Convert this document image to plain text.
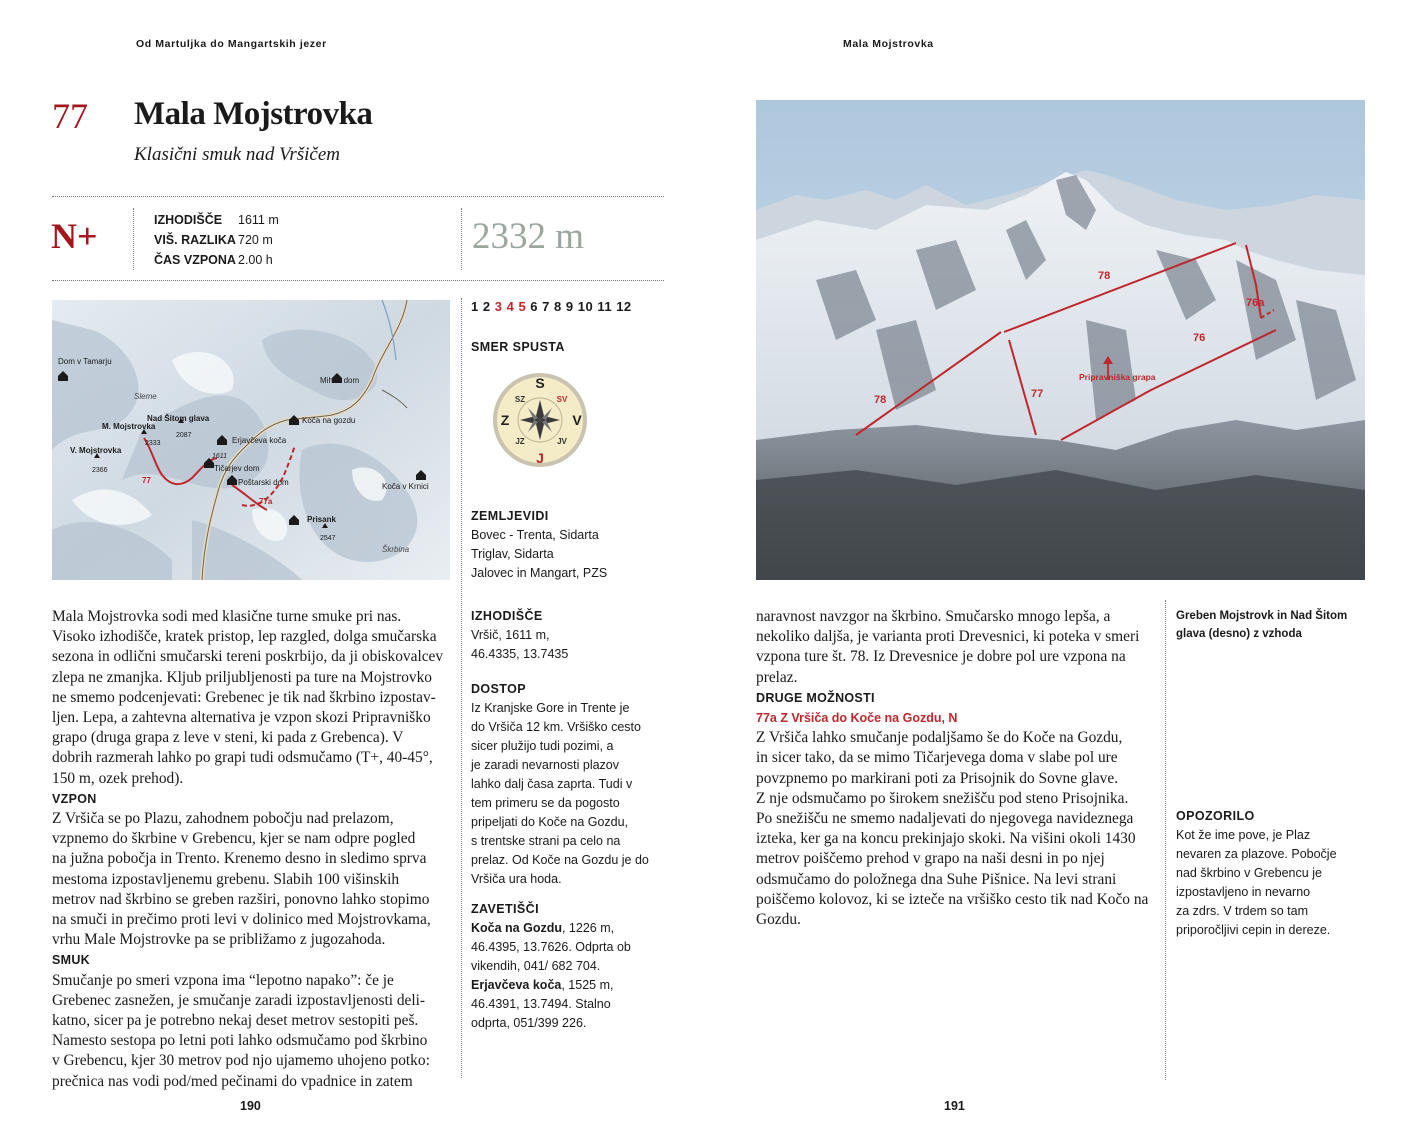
Od Martuljka do Mangartskih jezer
77 Mala Mojstrovka
Klasični smuk nad Vršičem
N+	IZHODIŠČE 1611 m
VIŠ. RAZLIKA 720 m
ČAS VZPONA 2.00 h
2332 m
Dom v Tamarju
Sleme
Mihov dom
Nad Šitom glava
2087
M. Mojstrovka
2333
V. Mojstrovka
2366
Erjavčeva koča
Koča na gozdu
1611
Tičarjev dom
Poštarski dom
77
77a
Koča v Krnici
Prisank
2547
Škrbina
1 2 3 4 5 6 7 8 9 10 11 12
SMER SPUSTA
S
J
Z	V
SZ	SV
JZ	JV
ZEMLJEVIDI

Bovec - Trenta, Sidarta

Triglav, Sidarta

Jalovec in Mangart, PZS

IZHODIŠČE

Vršič, 1611 m,

46.4335, 13.7435

DOSTOP

Iz Kranjske Gore in Trente je

do Vršiča 12 km. Vršiško cesto

sicer plužijo tudi pozimi, a

je zaradi nevarnosti plazov

lahko dalj časa zaprta. Tudi v

tem primeru se da pogosto

pripeljati do Koče na Gozdu,

s trentske strani pa celo na

prelaz. Od Koče na Gozdu je do

Vršiča ura hoda.

ZAVETIŠČI

Koča na Gozdu, 1226 m,

46.4395, 13.7626. Odprta ob

vikendih, 041/ 682 704.

Erjavčeva koča, 1525 m,

46.4391, 13.7494. Stalno

odprta, 051/399 226.

Mala Mojstrovka sodi med klasične turne smuke pri nas.

Visoko izhodišče, kratek pristop, lep razgled, dolga smučarska

sezona in odlični smučarski tereni poskrbijo, da ji obiskovalcev

zlepa ne zmanjka. Kljub priljubljenosti pa ture na Mojstrovko

ne smemo podcenjevati: Grebenec je tik nad škrbino izpostav-

ljen. Lepa, a zahtevna alternativa je vzpon skozi Pripravniško

grapo (druga grapa z leve v steni, ki pada z Grebenca). V

dobrih razmerah lahko po grapi tudi odsmučamo (T+, 40-45°,

150 m, ozek prehod).

VZPON

Z Vršiča se po Plazu, zahodnem pobočju nad prelazom,

vzpnemo do škrbine v Grebencu, kjer se nam odpre pogled

na južna pobočja in Trento. Krenemo desno in sledimo sprva

mestoma izpostavljenemu grebenu. Slabih 100 višinskih

metrov nad škrbino se greben razširi, ponovno lahko stopimo

na smuči in prečimo proti levi v dolinico med Mojstrovkama,

vrhu Male Mojstrovke pa se približamo z jugozahoda.

SMUK

Smučanje po smeri vzpona ima “lepotno napako”: če je

Grebenec zasnežen, je smučanje zaradi izpostavljenosti deli-

katno, sicer pa je potrebno nekaj deset metrov sestopiti peš.

Namesto sestopa po letni poti lahko odsmučamo pod škrbino

v Grebencu, kjer 30 metrov pod njo ujamemo uhojeno potko:

prečnica nas vodi pod/med pečinami do vpadnice in zatem

190
Mala Mojstrovka
78
76a
76
Pripravniška grapa
77
78

naravnost navzgor na škrbino. Smučarsko mnogo lepša, a

nekoliko daljša, je varianta proti Drevesnici, ki poteka v smeri

vzpona ture št. 78. Iz Drevesnice je dobre pol ure vzpona na

prelaz.

DRUGE MOŽNOSTI
77a Z Vršiča do Koče na Gozdu, N

Z Vršiča lahko smučanje podaljšamo še do Koče na Gozdu,

in sicer tako, da se mimo Tičarjevega doma v slabe pol ure

povzpnemo po markirani poti za Prisojnik do Sovne glave.

Z nje odsmučamo po širokem snežišču pod steno Prisojnika.

Po snežišču ne smemo nadaljevati do njegovega navideznega

izteka, ker ga na koncu prekinjajo skoki. Na višini okoli 1430

metrov poiščemo prehod v grapo na naši desni in po njej

odsmučamo do položnega dna Suhe Pišnice. Na levi strani

poiščemo kolovoz, ki se izteče na vršiško cesto tik nad Kočo na

Gozdu.

Greben Mojstrovk in Nad Šitom

glava (desno) z vzhoda

OPOZORILO

Kot že ime pove, je Plaz

nevaren za plazove. Pobočje

nad škrbino v Grebencu je

izpostavljeno in nevarno

za zdrs. V trdem so tam

priporočljivi cepin in dereze.

191
